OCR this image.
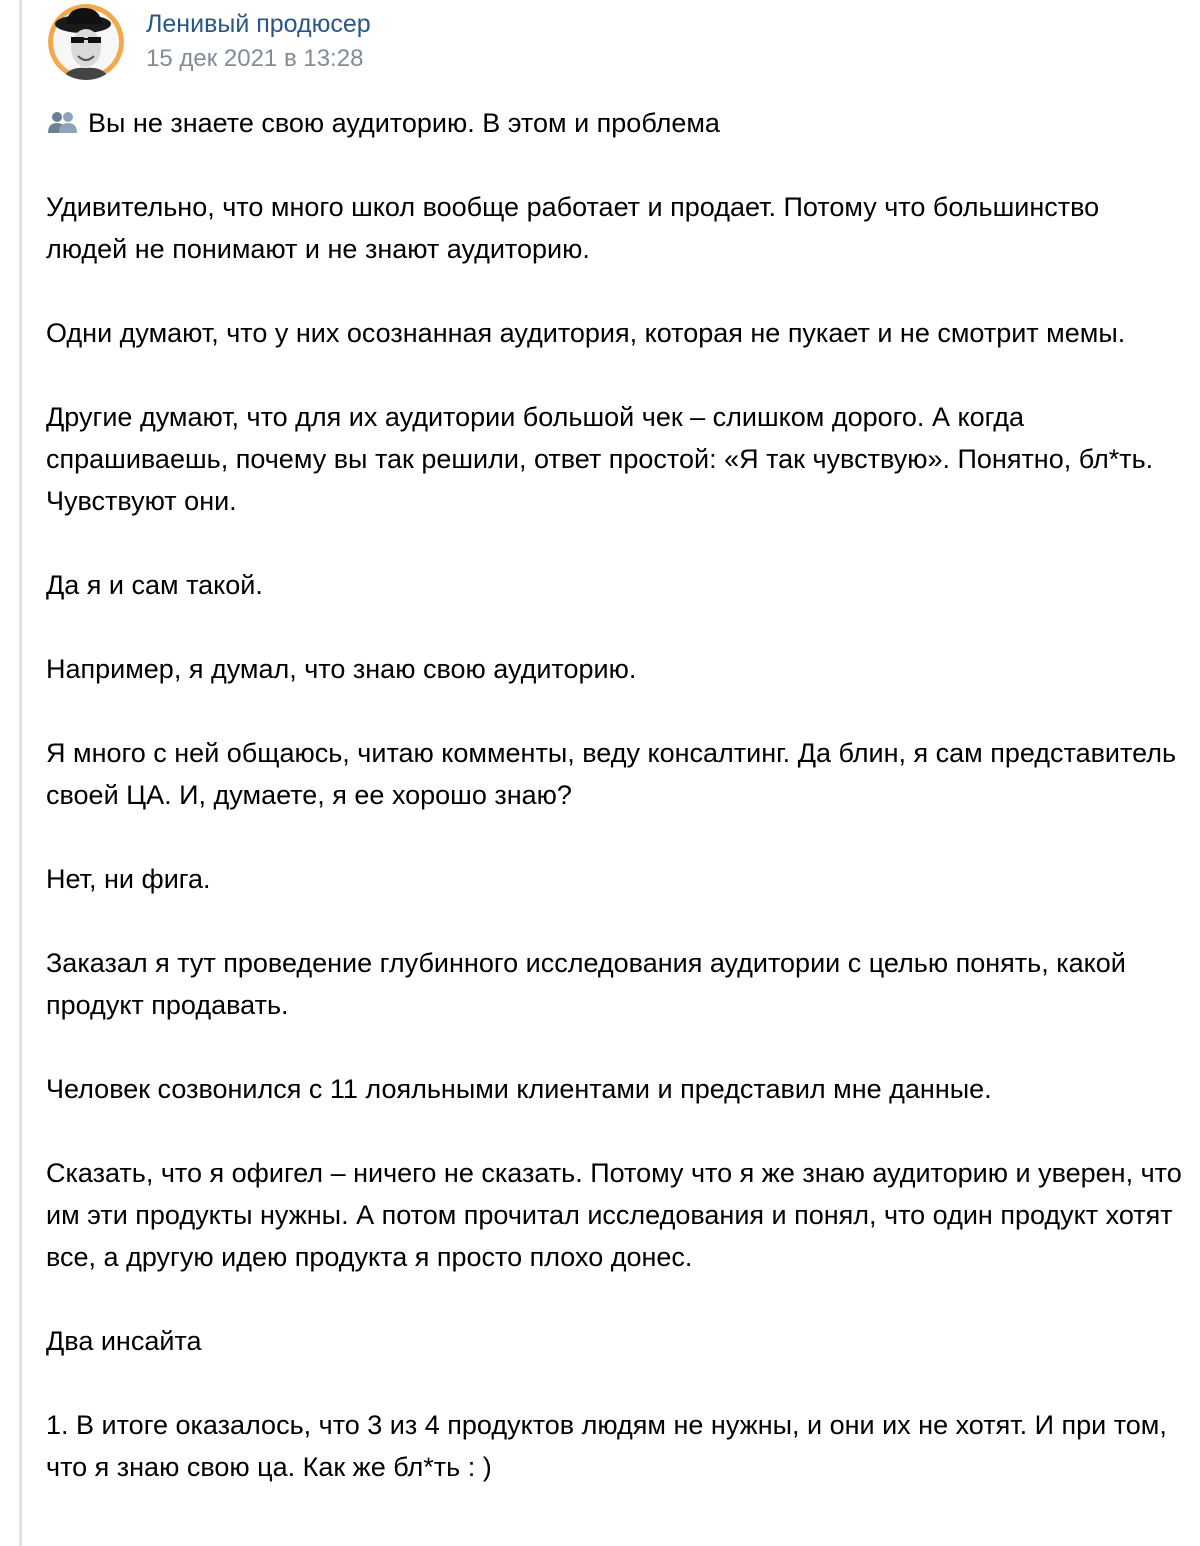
Ленивый продюсер
15 дек 2021 в 13:28

Вы не знаете свою аудиторию. В этом и проблема

Удивительно, что много школ вообще работает и продает. Потому что большинство людей не понимают и не знают аудиторию.

Одни думают, что у них осознанная аудитория, которая не пукает и не смотрит мемы.

Другие думают, что для их аудитории большой чек – слишком дорого. А когда спрашиваешь, почему вы так решили, ответ простой: «Я так чувствую». Понятно, бл*ть. Чувствуют они.

Да я и сам такой.

Например, я думал, что знаю свою аудиторию.

Я много с ней общаюсь, читаю комменты, веду консалтинг. Да блин, я сам представитель своей ЦА. И, думаете, я ее хорошо знаю?

Нет, ни фига.

Заказал я тут проведение глубинного исследования аудитории с целью понять, какой продукт продавать.

Человек созвонился с 11 лояльными клиентами и представил мне данные.

Сказать, что я офигел – ничего не сказать. Потому что я же знаю аудиторию и уверен, что им эти продукты нужны. А потом прочитал исследования и понял, что один продукт хотят все, а другую идею продукта я просто плохо донес.

Два инсайта

1. В итоге оказалось, что 3 из 4 продуктов людям не нужны, и они их не хотят. И при том, что я знаю свою ца. Как же бл*ть : )
